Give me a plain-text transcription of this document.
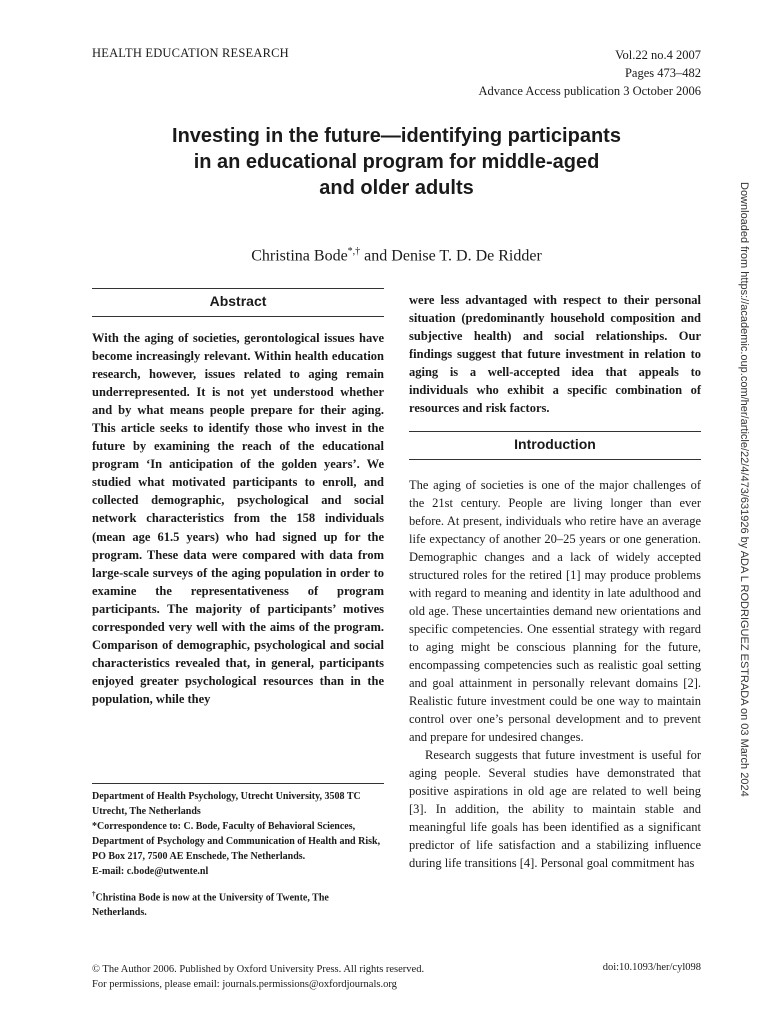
HEALTH EDUCATION RESEARCH	Vol.22 no.4 2007
Pages 473–482
Advance Access publication 3 October 2006
Investing in the future—identifying participants
in an educational program for middle-aged
and older adults
Christina Bode*,† and Denise T. D. De Ridder
Abstract

With the aging of societies, gerontological issues have become increasingly relevant. Within health education research, however, issues related to aging remain underrepresented. It is not yet understood whether and by what means people prepare for their aging. This article seeks to identify those who invest in the future by examining the reach of the educational program ‘In anticipation of the golden years’. We studied what motivated participants to enroll, and collected demographic, psychological and social network characteristics from the 158 individuals (mean age 61.5 years) who had signed up for the program. These data were compared with data from large-scale surveys of the aging population in order to examine the representativeness of program participants. The majority of participants’ motives corresponded very well with the aims of the program. Comparison of demographic, psychological and social characteristics revealed that, in general, participants enjoyed greater psychological resources than in the population, while they

were less advantaged with respect to their personal situation (predominantly household composition and subjective health) and social relationships. Our findings suggest that future investment in relation to aging is a well-accepted idea that appeals to individuals who exhibit a specific combination of resources and risk factors.

Introduction

The aging of societies is one of the major challenges of the 21st century. People are living longer than ever before. At present, individuals who retire have an average life expectancy of another 20–25 years or one generation. Demographic changes and a lack of widely accepted structured roles for the retired [1] may produce problems with regard to meaning and identity in late adulthood and old age. These uncertainties demand new orientations and specific competencies. One essential strategy with regard to aging might be conscious planning for the future, encompassing competencies such as realistic goal setting and goal attainment in personally relevant domains [2]. Realistic future investment could be one way to maintain control over one’s personal development and to prevent and prepare for undesired changes.

Research suggests that future investment is useful for aging people. Several studies have demonstrated that positive aspirations in old age are related to well being [3]. In addition, the ability to maintain stable and meaningful life goals has been identified as a significant predictor of life satisfaction and a stabilizing influence during life transitions [4]. Personal goal commitment has

Department of Health Psychology, Utrecht University, 3508 TC Utrecht, The Netherlands

*Correspondence to: C. Bode, Faculty of Behavioral Sciences, Department of Psychology and Communication of Health and Risk, PO Box 217, 7500 AE Enschede, The Netherlands.

E-mail: c.bode@utwente.nl

†Christina Bode is now at the University of Twente, The Netherlands.

© The Author 2006. Published by Oxford University Press. All rights reserved.
For permissions, please email: journals.permissions@oxfordjournals.org
doi:10.1093/her/cyl098
Downloaded from https://academic.oup.com/her/article/22/4/473/631926 by ADA L RODRIGUEZ ESTRADA on 03 March 2024
